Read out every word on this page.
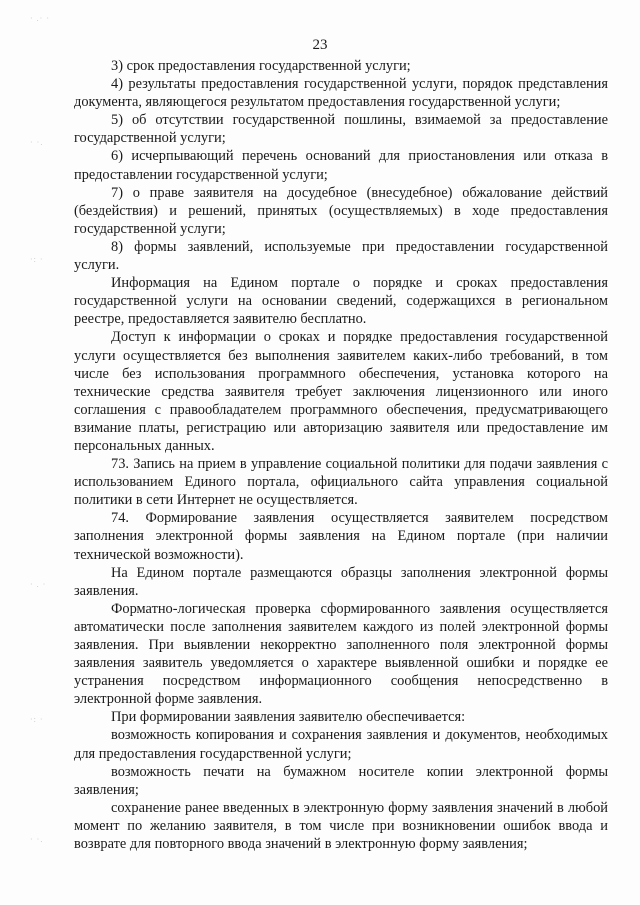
· .· ·
· ·.
·: ·
· . ·
·: ·
· ·.
23

3) срок предоставления государственной услуги;

4) результаты предоставления государственной услуги, порядок представления документа, являющегося результатом предоставления государственной услуги;

5) об отсутствии государственной пошлины, взимаемой за предоставление государственной услуги;

6) исчерпывающий перечень оснований для приостановления или отказа в предоставлении государственной услуги;

7) о праве заявителя на досудебное (внесудебное) обжалование действий (бездействия) и решений, принятых (осуществляемых) в ходе предоставления государственной услуги;

8) формы заявлений, используемые при предоставлении государственной услуги.

Информация на Едином портале о порядке и сроках предоставления государственной услуги на основании сведений, содержащихся в региональном реестре, предоставляется заявителю бесплатно.

Доступ к информации о сроках и порядке предоставления государственной услуги осуществляется без выполнения заявителем каких-либо требований, в том числе без использования программного обеспечения, установка которого на технические средства заявителя требует заключения лицензионного или иного соглашения с правообладателем программного обеспечения, предусматривающего взимание платы, регистрацию или авторизацию заявителя или предоставление им персональных данных.

73. Запись на прием в управление социальной политики для подачи заявления с использованием Единого портала, официального сайта управления социальной политики в сети Интернет не осуществляется.

74. Формирование заявления осуществляется заявителем посредством заполнения электронной формы заявления на Едином портале (при наличии технической возможности).

На Едином портале размещаются образцы заполнения электронной формы заявления.

Форматно-логическая проверка сформированного заявления осуществляется автоматически после заполнения заявителем каждого из полей электронной формы заявления. При выявлении некорректно заполненного поля электронной формы заявления заявитель уведомляется о характере выявленной ошибки и порядке ее устранения посредством информационного сообщения непосредственно в электронной форме заявления.

При формировании заявления заявителю обеспечивается:

возможность копирования и сохранения заявления и документов, необходимых для предоставления государственной услуги;

возможность печати на бумажном носителе копии электронной формы заявления;

сохранение ранее введенных в электронную форму заявления значений в любой момент по желанию заявителя, в том числе при возникновении ошибок ввода и возврате для повторного ввода значений в электронную форму заявления;
